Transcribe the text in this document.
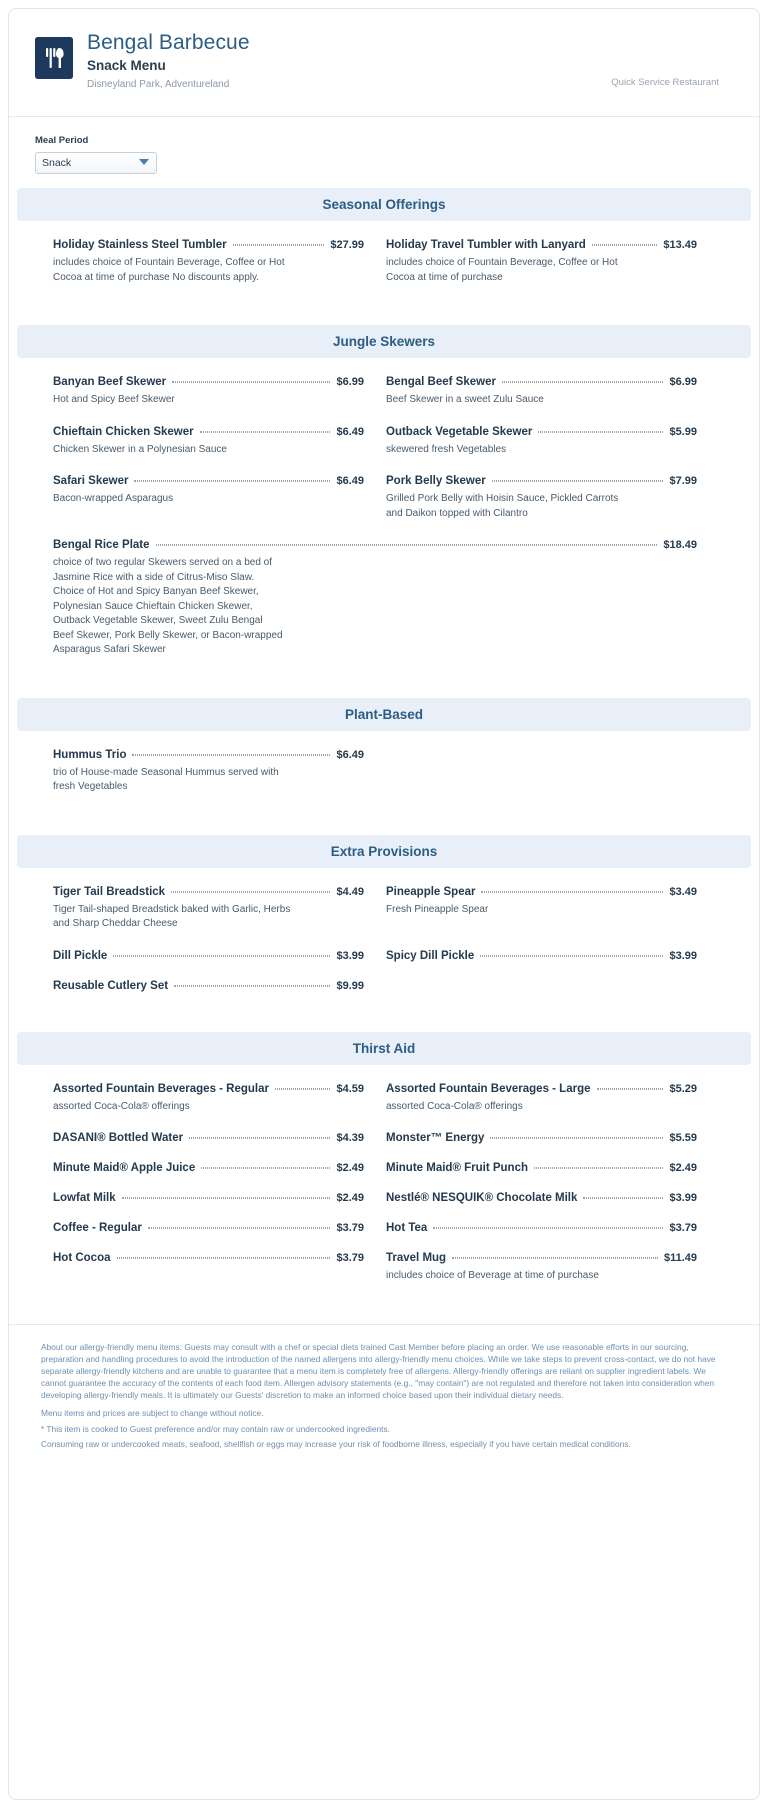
Bengal Barbecue
Snack Menu
Disneyland Park, Adventureland	Quick Service Restaurant
Meal Period
Snack
Seasonal Offerings
Holiday Stainless Steel Tumbler	$27.99
includes choice of Fountain Beverage, Coffee or Hot Cocoa at time of purchase No discounts apply.
Holiday Travel Tumbler with Lanyard	$13.49
includes choice of Fountain Beverage, Coffee or Hot Cocoa at time of purchase
Jungle Skewers
Banyan Beef Skewer	$6.99
Hot and Spicy Beef Skewer
Bengal Beef Skewer	$6.99
Beef Skewer in a sweet Zulu Sauce
Chieftain Chicken Skewer	$6.49
Chicken Skewer in a Polynesian Sauce
Outback Vegetable Skewer	$5.99
skewered fresh Vegetables
Safari Skewer	$6.49
Bacon-wrapped Asparagus
Pork Belly Skewer	$7.99
Grilled Pork Belly with Hoisin Sauce, Pickled Carrots and Daikon topped with Cilantro
Bengal Rice Plate	$18.49
choice of two regular Skewers served on a bed of Jasmine Rice with a side of Citrus-Miso Slaw. Choice of Hot and Spicy Banyan Beef Skewer, Polynesian Sauce Chieftain Chicken Skewer, Outback Vegetable Skewer, Sweet Zulu Bengal Beef Skewer, Pork Belly Skewer, or Bacon-wrapped Asparagus Safari Skewer
Plant-Based
Hummus Trio	$6.49
trio of House-made Seasonal Hummus served with fresh Vegetables
Extra Provisions
Tiger Tail Breadstick	$4.49
Tiger Tail-shaped Breadstick baked with Garlic, Herbs and Sharp Cheddar Cheese
Pineapple Spear	$3.49
Fresh Pineapple Spear
Dill Pickle	$3.99 Spicy Dill Pickle	$3.99
Reusable Cutlery Set	$9.99
Thirst Aid
Assorted Fountain Beverages - Regular	$4.59
assorted Coca-Cola® offerings
Assorted Fountain Beverages - Large	$5.29
assorted Coca-Cola® offerings
DASANI® Bottled Water	$4.39 Monster™ Energy	$5.59
Minute Maid® Apple Juice	$2.49 Minute Maid® Fruit Punch	$2.49
Lowfat Milk	$2.49 Nestlé® NESQUIK® Chocolate Milk	$3.99
Coffee - Regular	$3.79 Hot Tea	$3.79
Hot Cocoa	$3.79 Travel Mug	$11.49
includes choice of Beverage at time of purchase

About our allergy-friendly menu items: Guests may consult with a chef or special diets trained Cast Member before placing an order. We use reasonable efforts in our sourcing, preparation and handling procedures to avoid the introduction of the named allergens into allergy-friendly menu choices. While we take steps to prevent cross-contact, we do not have separate allergy-friendly kitchens and are unable to guarantee that a menu item is completely free of allergens. Allergy-friendly offerings are reliant on supplier ingredient labels. We cannot guarantee the accuracy of the contents of each food item. Allergen advisory statements (e.g., "may contain") are not regulated and therefore not taken into consideration when developing allergy-friendly meals. It is ultimately our Guests' discretion to make an informed choice based upon their individual dietary needs.

Menu items and prices are subject to change without notice.

* This item is cooked to Guest preference and/or may contain raw or undercooked ingredients.

Consuming raw or undercooked meats, seafood, shellfish or eggs may increase your risk of foodborne illness, especially if you have certain medical conditions.
